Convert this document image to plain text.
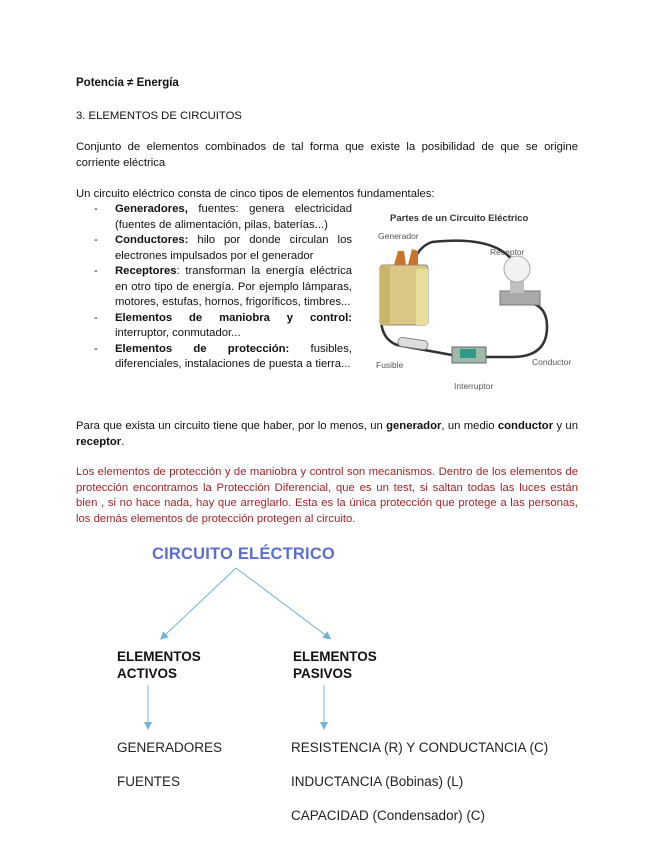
Potencia ≠ Energía
3. ELEMENTOS DE CIRCUITOS
Conjunto de elementos combinados de tal forma que existe la posibilidad de que se origine corriente eléctrica
Un circuito eléctrico consta de cinco tipos de elementos fundamentales:
- Generadores, fuentes: genera electricidad (fuentes de alimentación, pilas, baterías...)
- Conductores: hilo por donde circulan los electrones impulsados por el generador
- Receptores: transforman la energía eléctrica en otro tipo de energía. Por ejemplo lámparas, motores, estufas, hornos, frigoríficos, timbres...
- Elementos de maniobra y control: interruptor, conmutador...
- Elementos de protección: fusibles, diferenciales, instalaciones de puesta a tierra...
Partes de un Circuito Eléctrico
Generador
Receptor
Conductor
Fusible
Interruptor
Para que exista un circuito tiene que haber, por lo menos, un generador, un medio conductor y un receptor.
Los elementos de protección y de maniobra y control son mecanismos. Dentro de los elementos de protección encontramos la Protección Diferencial, que es un test, si saltan todas las luces están bien , si no hace nada, hay que arreglarlo. Esta es la única protección que protege a las personas, los demás elementos de protección protegen al circuito.
CIRCUITO ELÉCTRICO
ELEMENTOS
ACTIVOS
ELEMENTOS
PASIVOS
GENERADORES
FUENTES
RESISTENCIA (R) Y CONDUCTANCIA (C)
INDUCTANCIA (Bobinas) (L)
CAPACIDAD (Condensador) (C)
